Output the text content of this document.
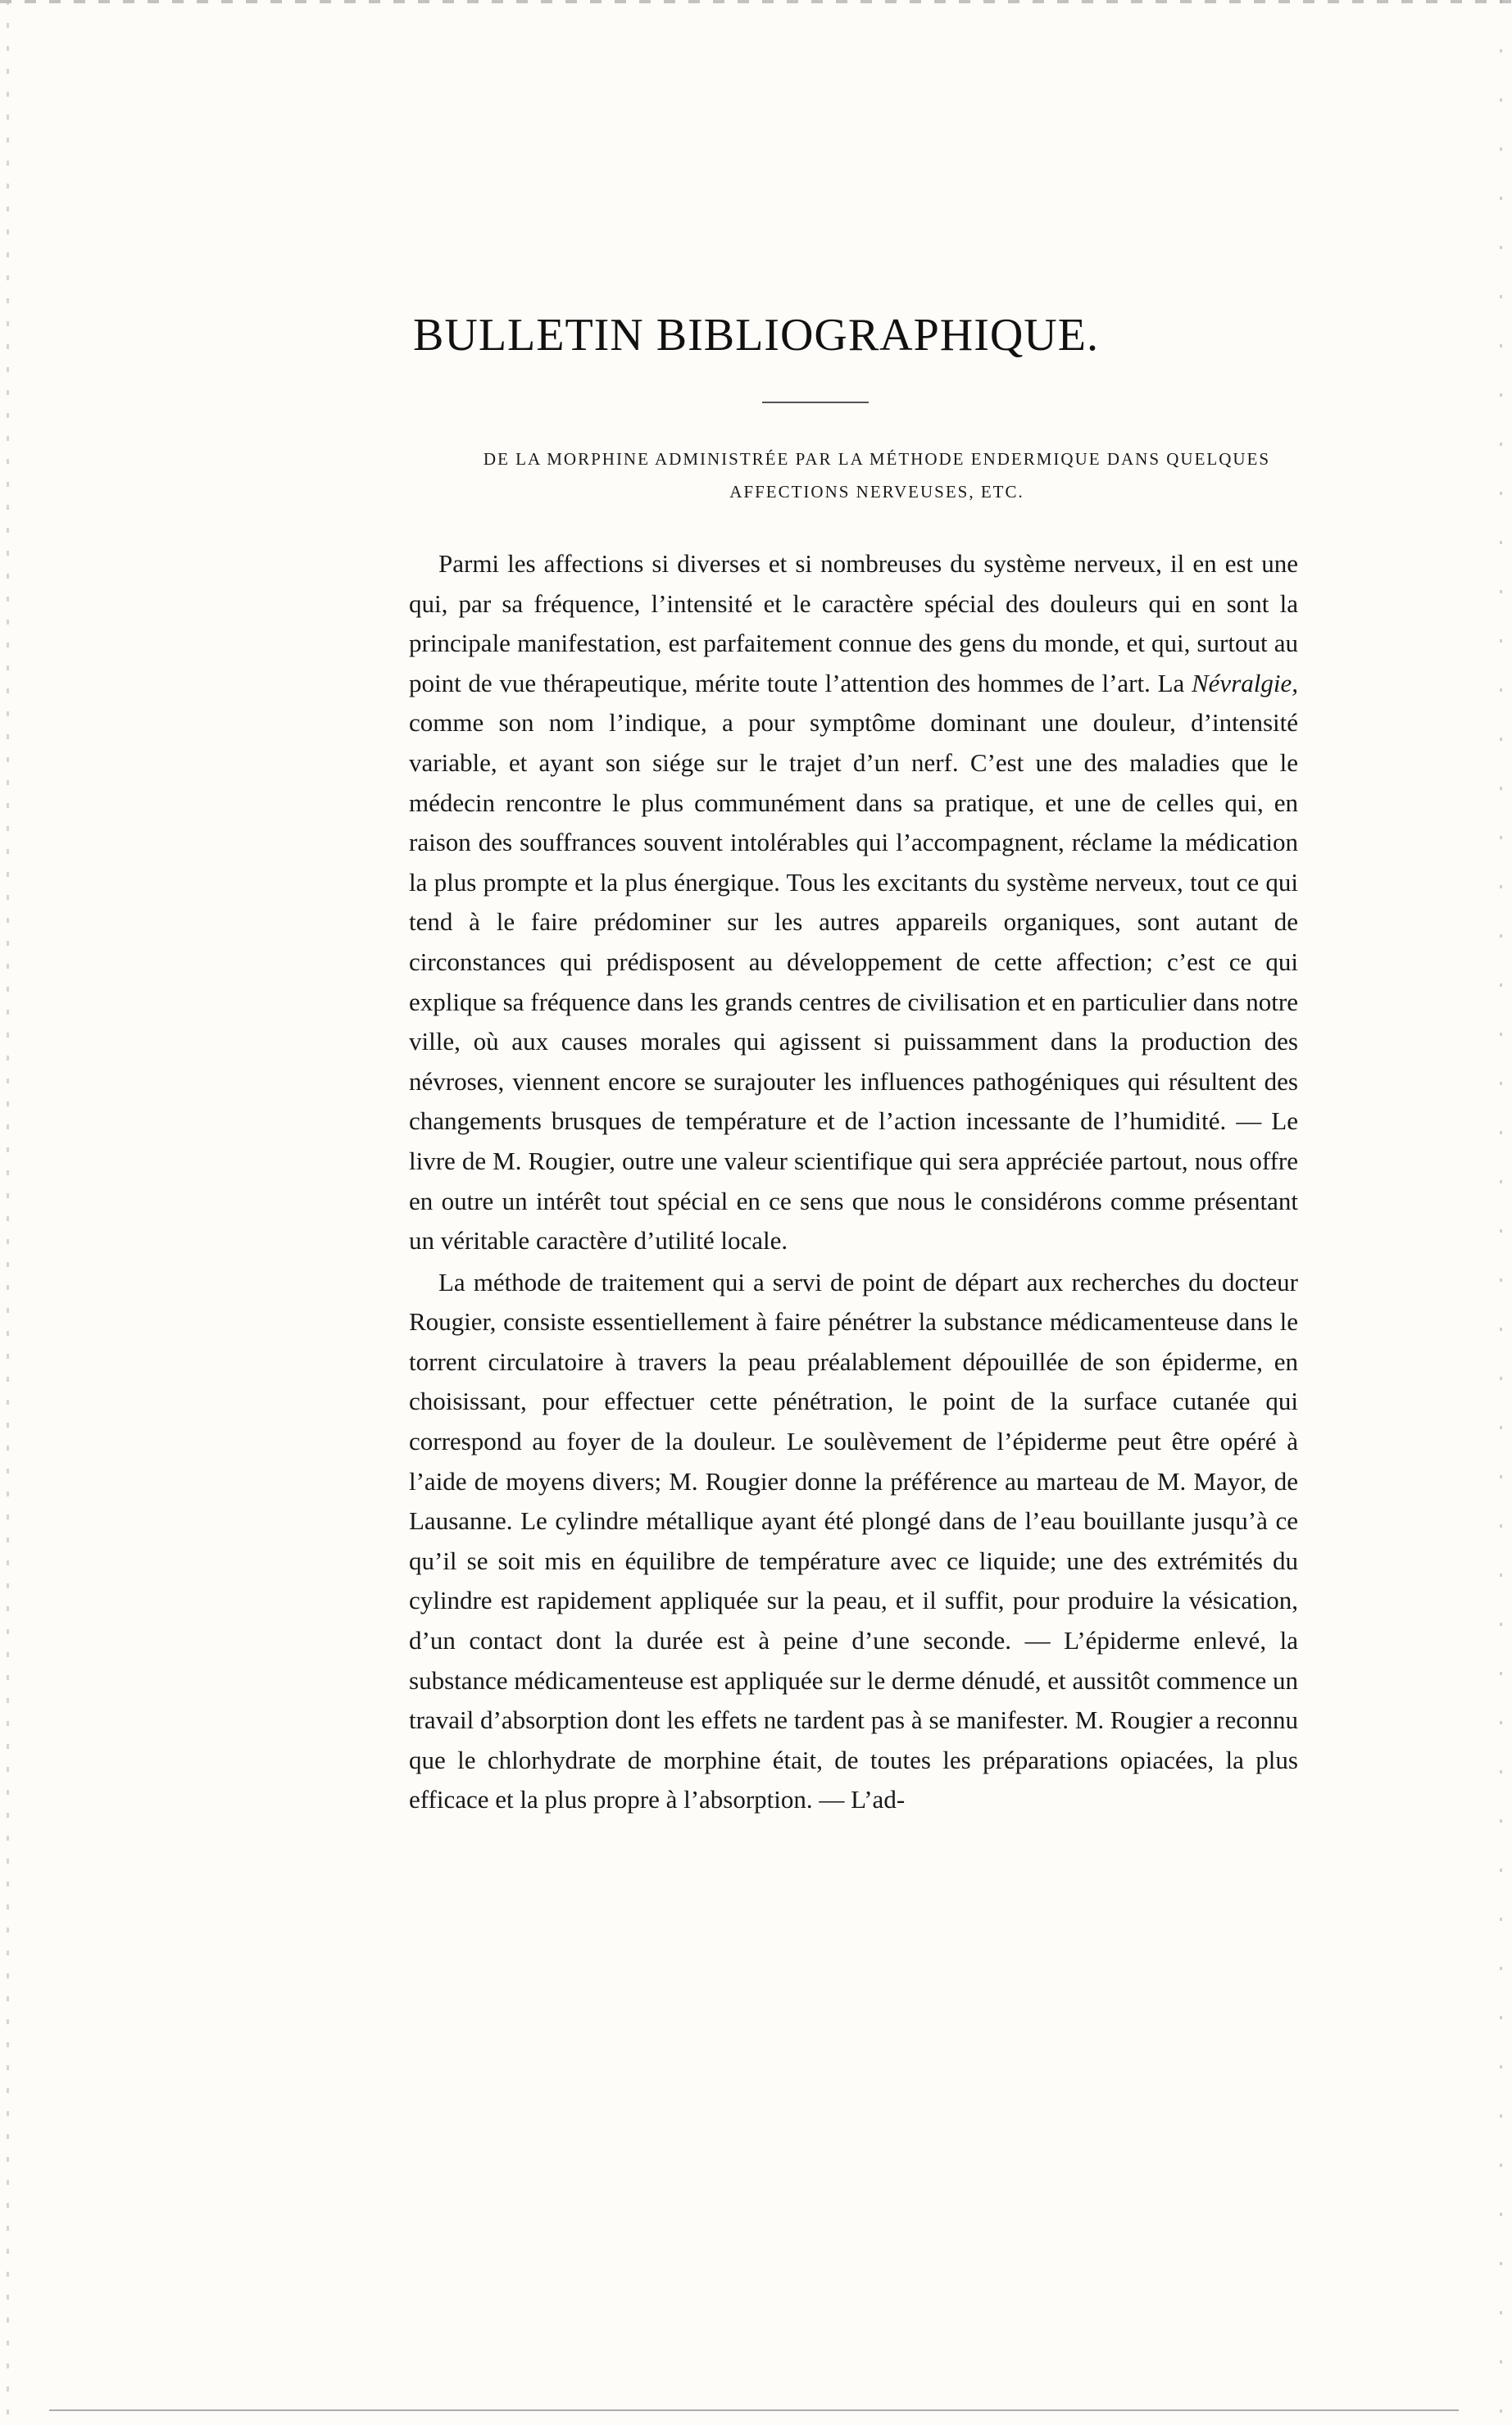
BULLETIN BIBLIOGRAPHIQUE.
DE LA MORPHINE ADMINISTRÉE PAR LA MÉTHODE ENDERMIQUE DANS QUELQUES
AFFECTIONS NERVEUSES, ETC.

Parmi les affections si diverses et si nombreuses du système nerveux, il en est une qui, par sa fréquence, l’intensité et le caractère spécial des douleurs qui en sont la principale manifestation, est parfaitement connue des gens du monde, et qui, surtout au point de vue thérapeutique, mérite toute l’attention des hommes de l’art. La Névralgie, comme son nom l’indique, a pour symptôme dominant une douleur, d’intensité variable, et ayant son siége sur le trajet d’un nerf. C’est une des maladies que le médecin rencontre le plus communément dans sa pratique, et une de celles qui, en raison des souffrances souvent intolérables qui l’accompagnent, réclame la médication la plus prompte et la plus énergique. Tous les excitants du système nerveux, tout ce qui tend à le faire prédominer sur les autres appareils organiques, sont autant de circonstances qui prédisposent au développement de cette affection; c’est ce qui explique sa fréquence dans les grands centres de civilisation et en particulier dans notre ville, où aux causes morales qui agissent si puissamment dans la production des névroses, viennent encore se surajouter les influences pathogéniques qui résultent des changements brusques de température et de l’action incessante de l’humidité. — Le livre de M. Rougier, outre une valeur scientifique qui sera appréciée partout, nous offre en outre un intérêt tout spécial en ce sens que nous le considérons comme présentant un véritable caractère d’utilité locale.

La méthode de traitement qui a servi de point de départ aux recherches du docteur Rougier, consiste essentiellement à faire pénétrer la substance médicamenteuse dans le torrent circulatoire à travers la peau préalablement dépouillée de son épiderme, en choisissant, pour effectuer cette pénétration, le point de la surface cutanée qui correspond au foyer de la douleur. Le soulèvement de l’épiderme peut être opéré à l’aide de moyens divers; M. Rougier donne la préférence au marteau de M. Mayor, de Lausanne. Le cylindre métallique ayant été plongé dans de l’eau bouillante jusqu’à ce qu’il se soit mis en équilibre de température avec ce liquide; une des extrémités du cylindre est rapidement appliquée sur la peau, et il suffit, pour produire la vésication, d’un contact dont la durée est à peine d’une seconde. — L’épiderme enlevé, la substance médicamenteuse est appliquée sur le derme dénudé, et aussitôt commence un travail d’absorption dont les effets ne tardent pas à se manifester. M. Rougier a reconnu que le chlorhydrate de morphine était, de toutes les préparations opiacées, la plus efficace et la plus propre à l’absorption. — L’ad-
